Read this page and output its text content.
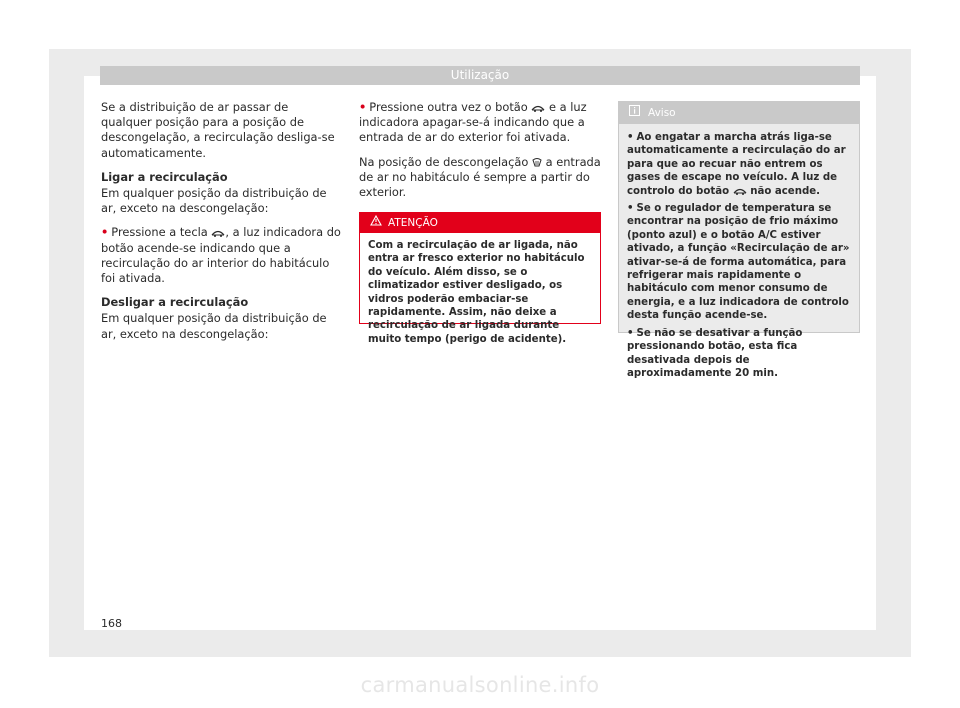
Utilização

Se a distribuição de ar passar de qualquer posição para a posição de descongelação, a recirculação desliga-se automaticamente.

Ligar a recirculação

Em qualquer posição da distribuição de ar, exceto na descongelação:

• Pressione a tecla , a luz indicadora do botão acende-se indicando que a recirculação do ar interior do habitáculo foi ativada.

Desligar a recirculação

Em qualquer posição da distribuição de ar, exceto na descongelação:

• Pressione outra vez o botão e a luz indicadora apagar-se-á indicando que a entrada de ar do exterior foi ativada.

Na posição de descongelação a entrada de ar no habitáculo é sempre a partir do exterior.

ATENÇÃO
Com a recirculação de ar ligada, não entra ar fresco exterior no habitáculo do veículo. Além disso, se o climatizador estiver desligado, os vidros poderão embaciar-se rapidamente. Assim, não deixe a recirculação de ar ligada durante muito tempo (perigo de acidente).
Aviso

• Ao engatar a marcha atrás liga-se automaticamente a recirculação do ar para que ao recuar não entrem os gases de escape no veículo. A luz de controlo do botão não acende.

• Se o regulador de temperatura se encontrar na posição de frio máximo (ponto azul) e o botão A/C estiver ativado, a função «Recirculação de ar» ativar-se-á de forma automática, para refrigerar mais rapidamente o habitáculo com menor consumo de energia, e a luz indicadora de controlo desta função acende-se.

• Se não se desativar a função pressionando botão, esta fica desativada depois de aproximadamente 20 min.

168
carmanualsonline.info
